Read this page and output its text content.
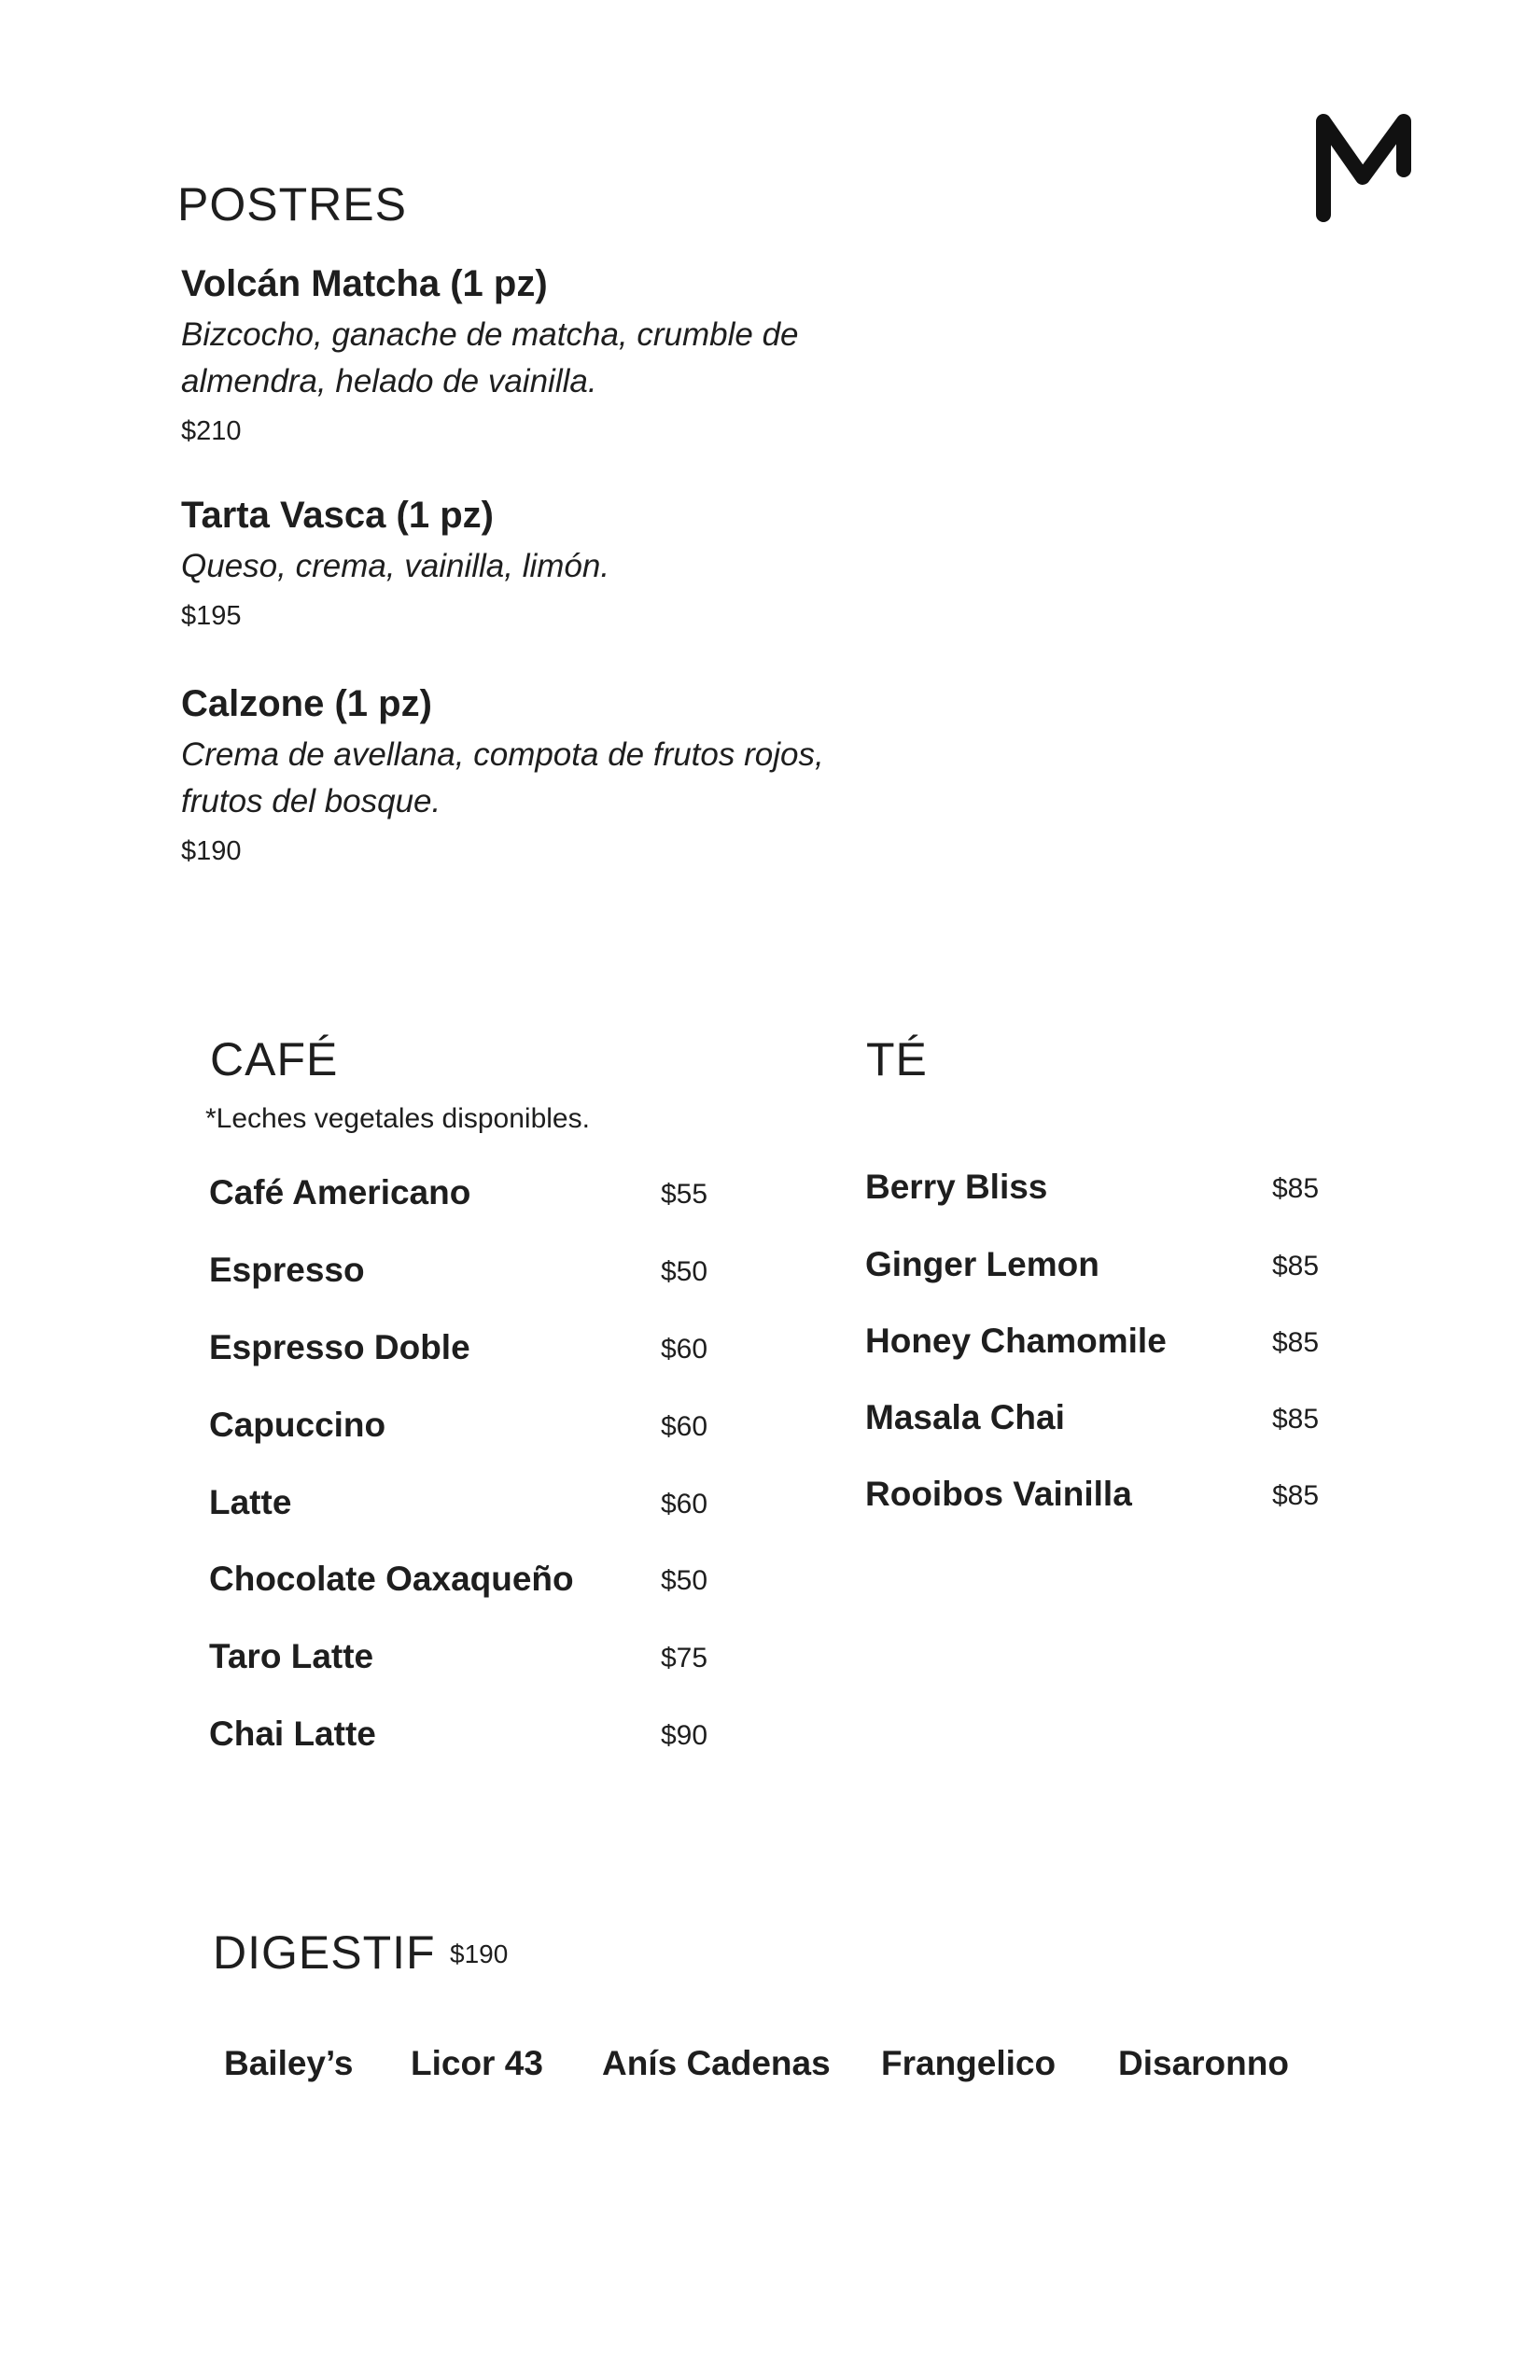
POSTRES
Volcán Matcha (1 pz)
Bizcocho, ganache de matcha, crumble de
almendra, helado de vainilla.
$210
Tarta Vasca (1 pz)
Queso, crema, vainilla, limón.
$195
Calzone (1 pz)
Crema de avellana, compota de frutos rojos,
frutos del bosque.
$190
CAFÉ
*Leches vegetales disponibles.
Café Americano	$55
Espresso	$50
Espresso Doble	$60
Capuccino	$60
Latte	$60
Chocolate Oaxaqueño	$50
Taro Latte	$75
Chai Latte	$90
TÉ
Berry Bliss	$85
Ginger Lemon	$85
Honey Chamomile	$85
Masala Chai	$85
Rooibos Vainilla	$85
DIGESTIF $190
Bailey’s Licor 43 Anís Cadenas Frangelico Disaronno
